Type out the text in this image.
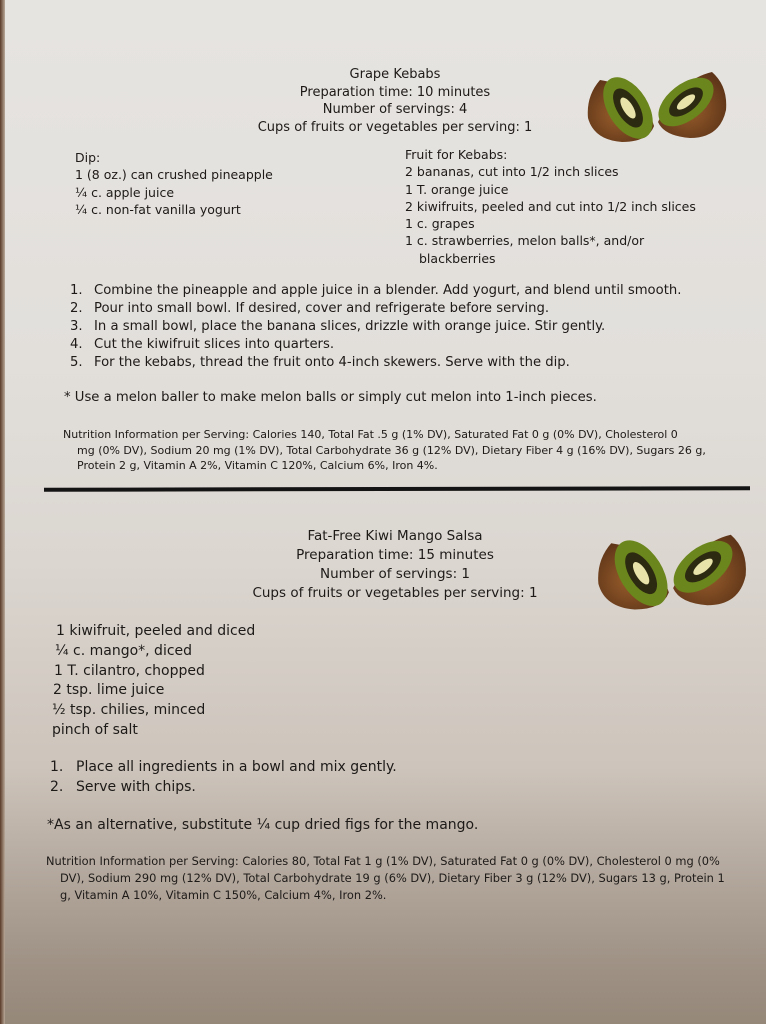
Grape Kebabs
Preparation time: 10 minutes
Number of servings: 4
Cups of fruits or vegetables per serving: 1
Dip:
1 (8 oz.) can crushed pineapple
¼ c. apple juice
¼ c. non-fat vanilla yogurt
Fruit for Kebabs:
2 bananas, cut into 1/2 inch slices
1 T. orange juice
2 kiwifruits, peeled and cut into 1/2 inch slices
1 c. grapes
1 c. strawberries, melon balls*, and/or
blackberries
1. Combine the pineapple and apple juice in a blender. Add yogurt, and blend until smooth.
2. Pour into small bowl. If desired, cover and refrigerate before serving.
3. In a small bowl, place the banana slices, drizzle with orange juice. Stir gently.
4. Cut the kiwifruit slices into quarters.
5. For the kebabs, thread the fruit onto 4-inch skewers. Serve with the dip.
* Use a melon baller to make melon balls or simply cut melon into 1-inch pieces.
Nutrition Information per Serving: Calories 140, Total Fat .5 g (1% DV), Saturated Fat 0 g (0% DV), Cholesterol 0
mg (0% DV), Sodium 20 mg (1% DV), Total Carbohydrate 36 g (12% DV), Dietary Fiber 4 g (16% DV), Sugars 26 g,
Protein 2 g, Vitamin A 2%, Vitamin C 120%, Calcium 6%, Iron 4%.
Fat-Free Kiwi Mango Salsa
Preparation time: 15 minutes
Number of servings: 1
Cups of fruits or vegetables per serving: 1
1 kiwifruit, peeled and diced
¼ c. mango*, diced
1 T. cilantro, chopped
2 tsp. lime juice
½ tsp. chilies, minced
pinch of salt
1. Place all ingredients in a bowl and mix gently.
2. Serve with chips.
*As an alternative, substitute ¼ cup dried figs for the mango.
Nutrition Information per Serving: Calories 80, Total Fat 1 g (1% DV), Saturated Fat 0 g (0% DV), Cholesterol 0 mg (0%
DV), Sodium 290 mg (12% DV), Total Carbohydrate 19 g (6% DV), Dietary Fiber 3 g (12% DV), Sugars 13 g, Protein 1
g, Vitamin A 10%, Vitamin C 150%, Calcium 4%, Iron 2%.
